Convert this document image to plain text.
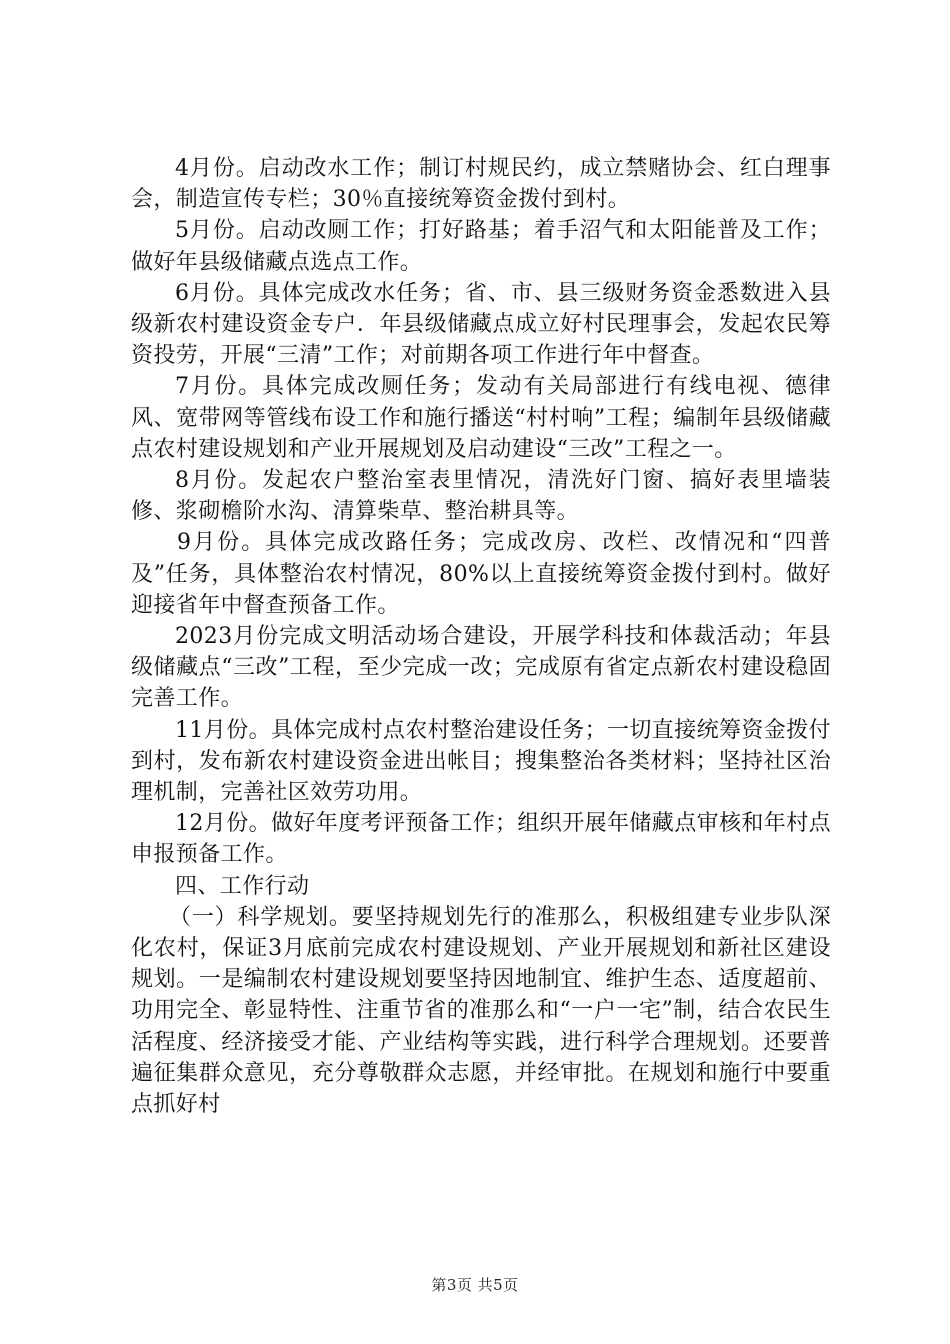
4月份。启动改水工作；制订村规民约，成立禁赌协会、红白理事会，制造宣传专栏；30％直接统筹资金拨付到村。

5月份。启动改厕工作；打好路基；着手沼气和太阳能普及工作；做好年县级储藏点选点工作。

6月份。具体完成改水任务；省、市、县三级财务资金悉数进入县级新农村建设资金专户．年县级储藏点成立好村民理事会，发起农民筹资投劳，开展“三清”工作；对前期各项工作进行年中督查。

7月份。具体完成改厕任务；发动有关局部进行有线电视、德律风、宽带网等管线布设工作和施行播送“村村响”工程；编制年县级储藏点农村建设规划和产业开展规划及启动建设“三改”工程之一。

8月份。发起农户整治室表里情况，清洗好门窗、搞好表里墙装修、浆砌檐阶水沟、清算柴草、整治耕具等。

9月份。具体完成改路任务；完成改房、改栏、改情况和“四普及”任务，具体整治农村情况，80%以上直接统筹资金拨付到村。做好迎接省年中督查预备工作。

2023月份完成文明活动场合建设，开展学科技和体裁活动；年县级储藏点“三改”工程，至少完成一改；完成原有省定点新农村建设稳固完善工作。

11月份。具体完成村点农村整治建设任务；一切直接统筹资金拨付到村，发布新农村建设资金进出帐目；搜集整治各类材料；坚持社区治理机制，完善社区效劳功用。

12月份。做好年度考评预备工作；组织开展年储藏点审核和年村点申报预备工作。

四、工作行动

（一）科学规划。要坚持规划先行的准那么，积极组建专业步队深化农村，保证3月底前完成农村建设规划、产业开展规划和新社区建设规划。一是编制农村建设规划要坚持因地制宜、维护生态、适度超前、功用完全、彰显特性、注重节省的准那么和“一户一宅”制，结合农民生活程度、经济接受才能、产业结构等实践，进行科学合理规划。还要普遍征集群众意见，充分尊敬群众志愿，并经审批。在规划和施行中要重点抓好村

第3页 共5页
